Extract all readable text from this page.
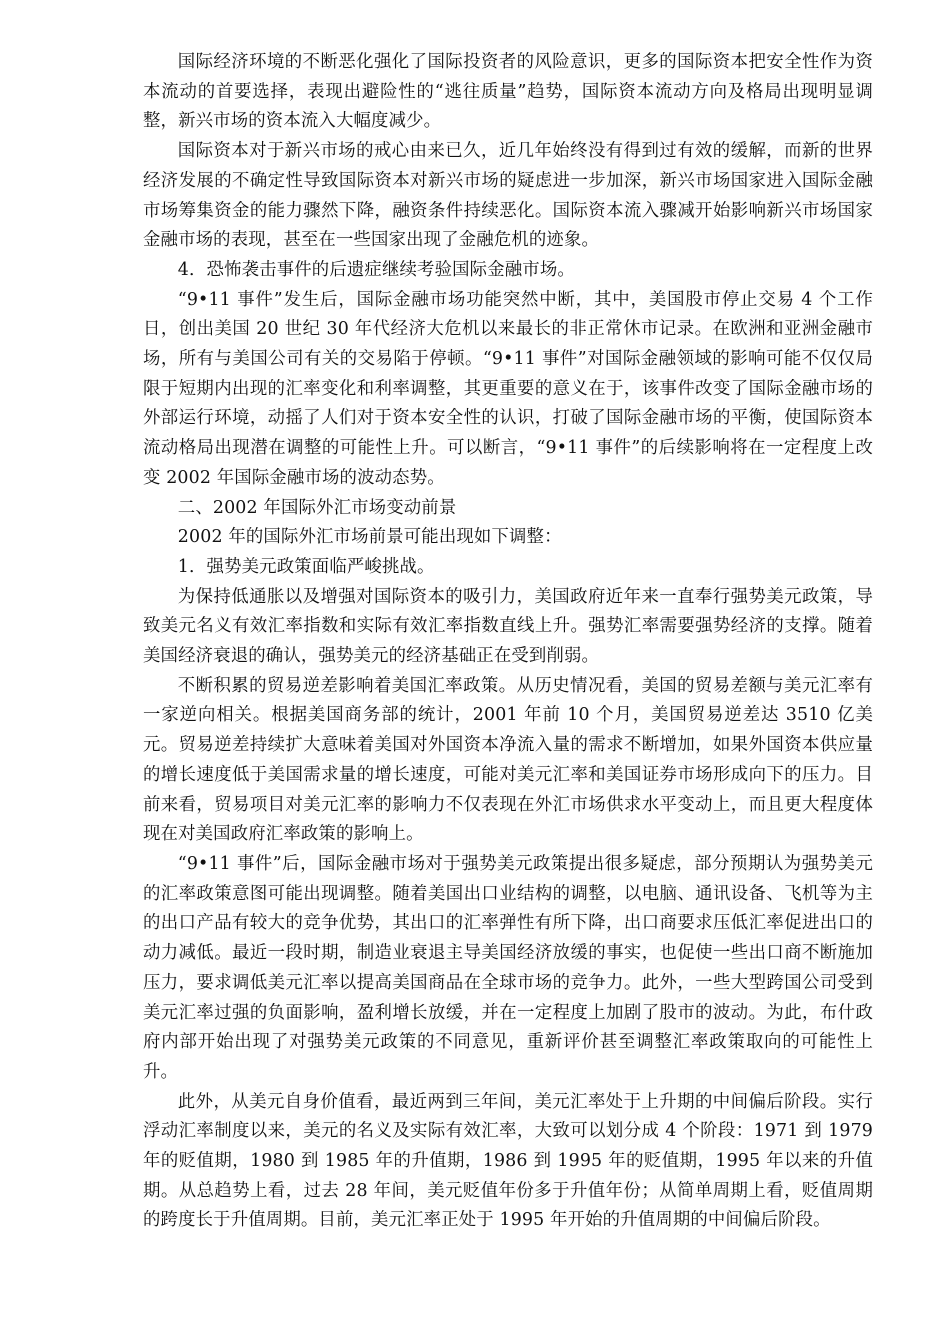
国际经济环境的不断恶化强化了国际投资者的风险意识，更多的国际资本把安全性作为资本流动的首要选择，表现出避险性的“逃往质量”趋势，国际资本流动方向及格局出现明显调整，新兴市场的资本流入大幅度减少。

国际资本对于新兴市场的戒心由来已久，近几年始终没有得到过有效的缓解，而新的世界经济发展的不确定性导致国际资本对新兴市场的疑虑进一步加深，新兴市场国家进入国际金融市场筹集资金的能力骤然下降，融资条件持续恶化。国际资本流入骤减开始影响新兴市场国家金融市场的表现，甚至在一些国家出现了金融危机的迹象。

4．恐怖袭击事件的后遗症继续考验国际金融市场。

“9•11 事件”发生后，国际金融市场功能突然中断，其中，美国股市停止交易 4 个工作日，创出美国 20 世纪 30 年代经济大危机以来最长的非正常休市记录。在欧洲和亚洲金融市场，所有与美国公司有关的交易陷于停顿。“9•11 事件”对国际金融领域的影响可能不仅仅局限于短期内出现的汇率变化和利率调整，其更重要的意义在于，该事件改变了国际金融市场的外部运行环境，动摇了人们对于资本安全性的认识，打破了国际金融市场的平衡，使国际资本流动格局出现潜在调整的可能性上升。可以断言，“9•11 事件”的后续影响将在一定程度上改变 2002 年国际金融市场的波动态势。

二、2002 年国际外汇市场变动前景

2002 年的国际外汇市场前景可能出现如下调整：

1．强势美元政策面临严峻挑战。

为保持低通胀以及增强对国际资本的吸引力，美国政府近年来一直奉行强势美元政策，导致美元名义有效汇率指数和实际有效汇率指数直线上升。强势汇率需要强势经济的支撑。随着美国经济衰退的确认，强势美元的经济基础正在受到削弱。

不断积累的贸易逆差影响着美国汇率政策。从历史情况看，美国的贸易差额与美元汇率有一家逆向相关。根据美国商务部的统计，2001 年前 10 个月，美国贸易逆差达 3510 亿美元。贸易逆差持续扩大意味着美国对外国资本净流入量的需求不断增加，如果外国资本供应量的增长速度低于美国需求量的增长速度，可能对美元汇率和美国证券市场形成向下的压力。目前来看，贸易项目对美元汇率的影响力不仅表现在外汇市场供求水平变动上，而且更大程度体现在对美国政府汇率政策的影响上。

“9•11 事件”后，国际金融市场对于强势美元政策提出很多疑虑，部分预期认为强势美元的汇率政策意图可能出现调整。随着美国出口业结构的调整，以电脑、通讯设备、飞机等为主的出口产品有较大的竞争优势，其出口的汇率弹性有所下降，出口商要求压低汇率促进出口的动力减低。最近一段时期，制造业衰退主导美国经济放缓的事实，也促使一些出口商不断施加压力，要求调低美元汇率以提高美国商品在全球市场的竞争力。此外，一些大型跨国公司受到美元汇率过强的负面影响，盈利增长放缓，并在一定程度上加剧了股市的波动。为此，布什政府内部开始出现了对强势美元政策的不同意见，重新评价甚至调整汇率政策取向的可能性上升。

此外，从美元自身价值看，最近两到三年间，美元汇率处于上升期的中间偏后阶段。实行浮动汇率制度以来，美元的名义及实际有效汇率，大致可以划分成 4 个阶段：1971 到 1979 年的贬值期，1980 到 1985 年的升值期，1986 到 1995 年的贬值期，1995 年以来的升值期。从总趋势上看，过去 28 年间，美元贬值年份多于升值年份；从简单周期上看，贬值周期的跨度长于升值周期。目前，美元汇率正处于 1995 年开始的升值周期的中间偏后阶段。
